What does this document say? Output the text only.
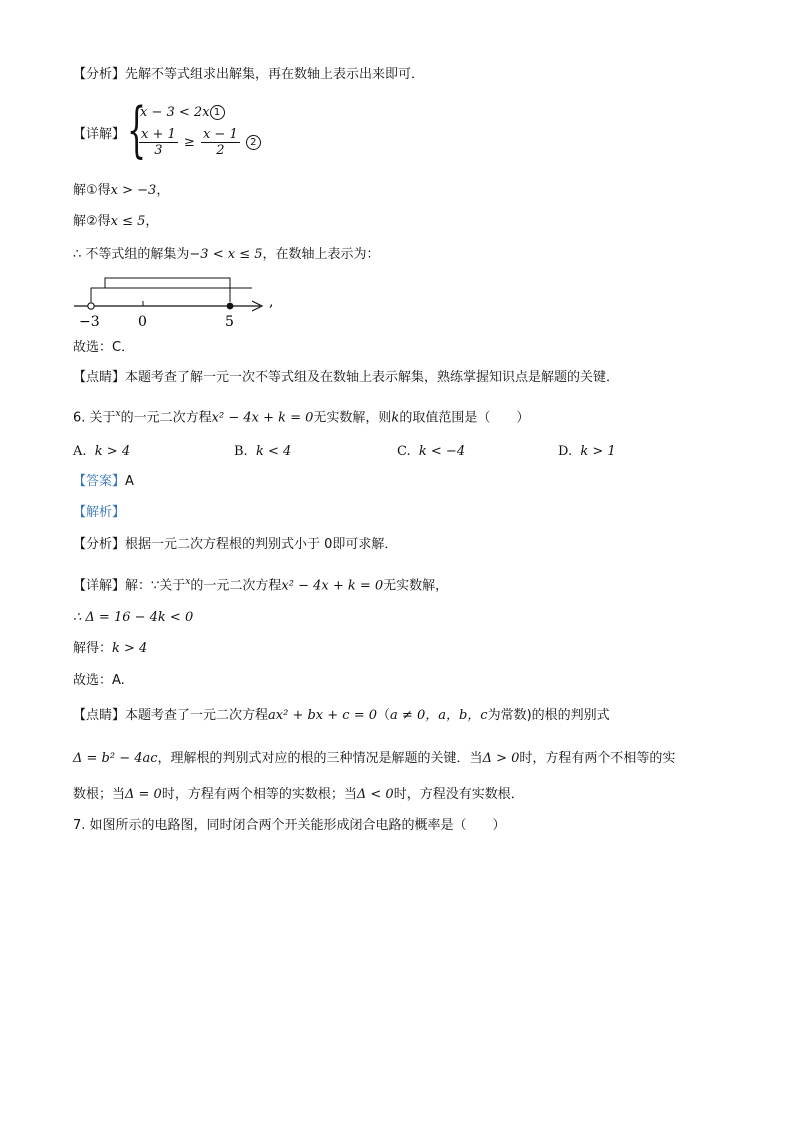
【分析】先解不等式组求出解集，再在数轴上表示出来即可．
【详解】 {
x − 3 < 2x 1
$\frac{x + 1}{3} \ge \frac{x - 1}{2} 2$
解①得x > −3，
解②得x ≤ 5，
∴ 不等式组的解集为−3 < x ≤ 5，在数轴上表示为：
−3	0	5
,
故选：C．
【点睛】本题考查了解一元一次不等式组及在数轴上表示解集，熟练掌握知识点是解题的关键．
6. 关于$^x$的一元二次方程x² − 4x + k = 0无实数解，则k的取值范围是（　　）
A. k > 4	B. k < 4	C. k < −4	D. k > 1
【答案】A
【解析】
【分析】根据一元二次方程根的判别式小于 0即可求解．
【详解】解：∵关于$^x$的一元二次方程x² − 4x + k = 0无实数解，
∴ Δ = 16 − 4k < 0
解得：k > 4
故选：A.
【点睛】本题考查了一元二次方程ax² + bx + c = 0（a ≠ 0，a，b，c为常数)的根的判别式
Δ = b² − 4ac，理解根的判别式对应的根的三种情况是解题的关键．当Δ > 0时，方程有两个不相等的实
数根；当Δ = 0时，方程有两个相等的实数根；当Δ < 0时，方程没有实数根．
7. 如图所示的电路图，同时闭合两个开关能形成闭合电路的概率是（　　）
